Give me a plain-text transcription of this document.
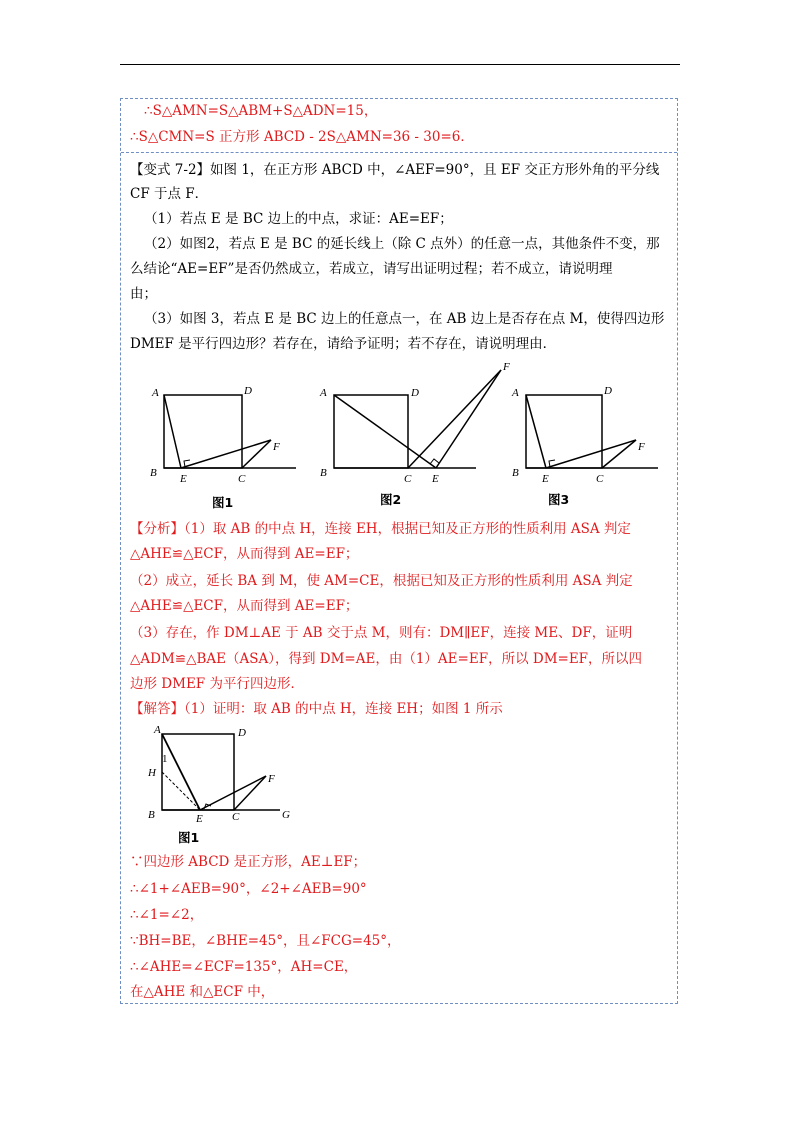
∴S△AMN=S△ABM+S△ADN=15，
∴S△CMN=S 正方形 ABCD - 2S△AMN=36 - 30=6．
【变式 7-2】如图 1，在正方形 ABCD 中，∠AEF=90°，且 EF 交正方形外角的平分线
CF 于点 F．
（1）若点 E 是 BC 边上的中点，求证：AE=EF；
（2）如图2，若点 E 是 BC 的延长线上（除 C 点外）的任意一点，其他条件不变，那
么结论“AE=EF”是否仍然成立，若成立，请写出证明过程；若不成立，请说明理
由；
（3）如图 3，若点 E 是 BC 边上的任意点一，在 AB 边上是否存在点 M，使得四边形
DMEF 是平行四边形？若存在，请给予证明；若不存在，请说明理由．
A	D
B E	C
F
图1
A	D
B	C E
F
图2
A	D
B E	C
F
图3
【分析】（1）取 AB 的中点 H，连接 EH，根据已知及正方形的性质利用 ASA 判定
△AHE≌△ECF，从而得到 AE=EF；
（2）成立，延长 BA 到 M，使 AM=CE，根据已知及正方形的性质利用 ASA 判定
△AHE≌△ECF，从而得到 AE=EF；
（3）存在，作 DM⊥AE 于 AB 交于点 M，则有：DM∥EF，连接 ME、DF，证明
△ADM≌△BAE（ASA），得到 DM=AE，由（1）AE=EF，所以 DM=EF，所以四
边形 DMEF 为平行四边形．
【解答】（1）证明：取 AB 的中点 H，连接 EH；如图 1 所示
A	D
1
H
B	E	C
F
G
图1
∵四边形 ABCD 是正方形，AE⊥EF；
∴∠1+∠AEB=90°，∠2+∠AEB=90°
∴∠1=∠2，
∵BH=BE，∠BHE=45°，且∠FCG=45°，
∴∠AHE=∠ECF=135°，AH=CE，
在△AHE 和△ECF 中，
